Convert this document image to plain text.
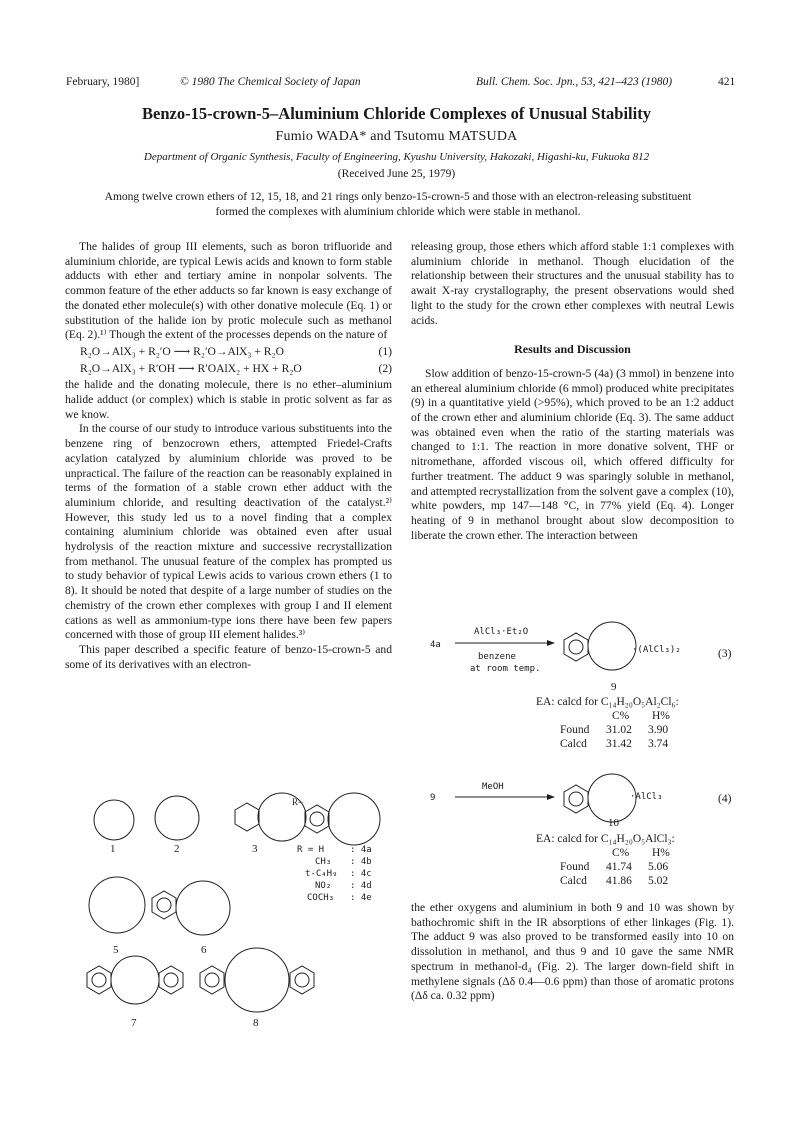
February, 1980]	© 1980 The Chemical Society of Japan	Bull. Chem. Soc. Jpn., 53, 421–423 (1980)	421
Benzo-15-crown-5–Aluminium Chloride Complexes of Unusual Stability
Fumio WADA* and Tsutomu MATSUDA
Department of Organic Synthesis, Faculty of Engineering, Kyushu University, Hakozaki, Higashi-ku, Fukuoka 812
(Received June 25, 1979)
Among twelve crown ethers of 12, 15, 18, and 21 rings only benzo-15-crown-5 and those with an electron-releasing substituent formed the complexes with aluminium chloride which were stable in methanol.

The halides of group III elements, such as boron trifluoride and aluminium chloride, are typical Lewis acids and known to form stable adducts with ether and tertiary amine in nonpolar solvents. The common feature of the ether adducts so far known is easy exchange of the donated ether molecule(s) with other donative molecule (Eq. 1) or substitution of the halide ion by protic molecule such as methanol (Eq. 2).¹⁾ Though the extent of the processes depends on the nature of

R₂O→AlX₃ + R₂′O ⟶ R₂′O→AlX₃ + R₂O	(1)
R₂O→AlX₃ + R′OH ⟶ R′OAlX₂ + HX + R₂O	(2)

the halide and the donating molecule, there is no ether–aluminium halide adduct (or complex) which is stable in protic solvent as far as we know.

In the course of our study to introduce various substituents into the benzene ring of benzocrown ethers, attempted Friedel-Crafts acylation catalyzed by aluminium chloride was proved to be unpractical. The failure of the reaction can be reasonably explained in terms of the formation of a stable crown ether adduct with the aluminium chloride, and resulting deactivation of the catalyst.²⁾ However, this study led us to a novel finding that a complex containing aluminium chloride was obtained even after usual hydrolysis of the reaction mixture and successive recrystallization from methanol. The unusual feature of the complex has prompted us to study behavior of typical Lewis acids to various crown ethers (1 to 8). It should be noted that despite of a large number of studies on the chemistry of the crown ether complexes with group I and II element cations as well as ammonium-type ions there have been few papers concerned with those of group III element halides.³⁾

This paper described a specific feature of benzo-15-crown-5 and some of its derivatives with an electron-

1	2	3
5	6
7	8
R–
R = H	: 4a
CH₃ : 4b
t-C₄H₉ : 4c
NO₂ : 4d
COCH₃ : 4e

releasing group, those ethers which afford stable 1:1 complexes with aluminium chloride in methanol. Though elucidation of the relationship between their structures and the unusual stability has to await X-ray crystallography, the present observations would shed light to the study for the crown ether complexes with neutral Lewis acids.

Results and Discussion

Slow addition of benzo-15-crown-5 (4a) (3 mmol) in benzene into an ethereal aluminium chloride (6 mmol) produced white precipitates (9) in a quantitative yield (>95%), which proved to be an 1:2 adduct of the crown ether and aluminium chloride (Eq. 3). The same adduct was obtained even when the ratio of the starting materials was changed to 1:1. The reaction in more donative solvent, THF or nitromethane, afforded viscous oil, which offered difficulty for further treatment. The adduct 9 was sparingly soluble in methanol, and attempted recrystallization from the solvent gave a complex (10), white powders, mp 147—148 °C, in 77% yield (Eq. 4). Longer heating of 9 in methanol brought about slow decomposition to liberate the crown ether. The interaction between

4a
AlCl₃·Et₂O
benzene
at room temp.
·(AlCl₃)₂
9
(3)
EA: calcd for C₁₄H₂₀O₅Al₂Cl₆:
C% H%
Found 31.02 3.90
Calcd 31.42 3.74
9
MeOH
·AlCl₃
10
(4)
EA: calcd for C₁₄H₂₀O₅AlCl₃:
C% H%
Found 41.74 5.06
Calcd 41.86 5.02
the ether oxygens and aluminium in both 9 and 10 was shown by bathochromic shift in the IR absorptions of ether linkages (Fig. 1). The adduct 9 was also proved to be transformed easily into 10 on dissolution in methanol, and thus 9 and 10 gave the same NMR spectrum in methanol-d₄ (Fig. 2). The larger down-field shift in methylene signals (Δδ 0.4—0.6 ppm) than those of aromatic protons (Δδ ca. 0.32 ppm)
